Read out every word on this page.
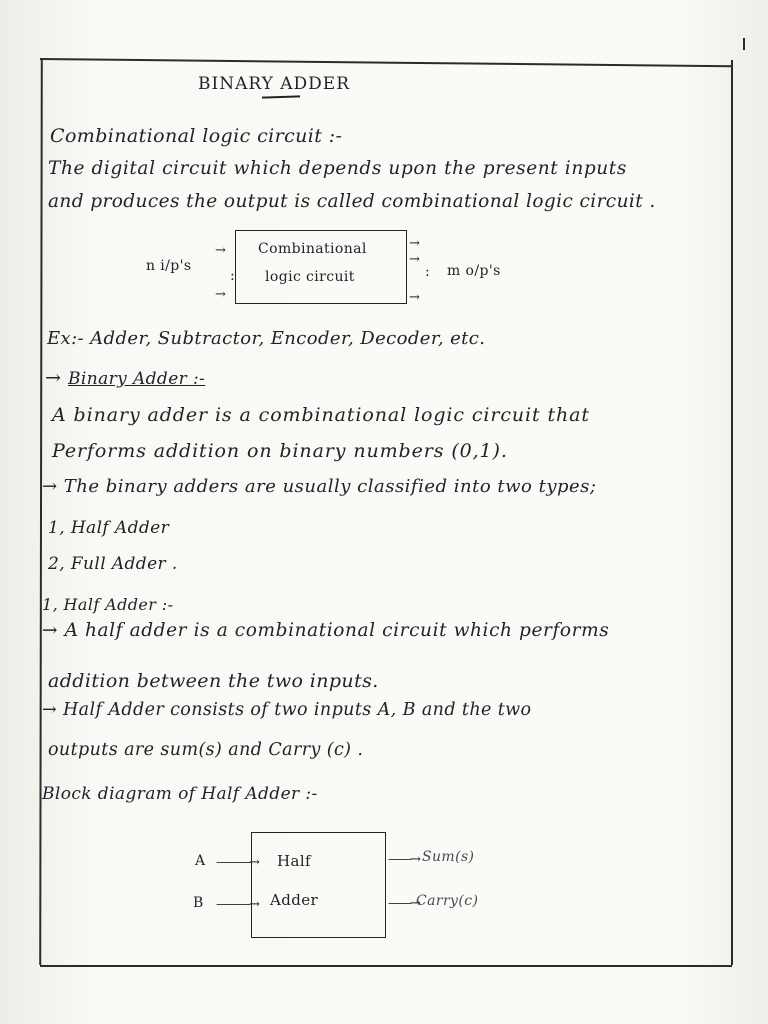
BINARY ADDER
Combinational logic circuit :-
The digital circuit which depends upon the present inputs
and produces the output is called combinational logic circuit .
Combinational
logic circuit
n i/p's	m o/p's
:	:
→
→
→
→
→
Ex:- Adder, Subtractor, Encoder, Decoder, etc.
→ Binary Adder :-
A binary adder is a combinational logic circuit that
Performs addition on binary numbers (0,1).
→ The binary adders are usually classified into two types;
1, Half Adder
2, Full Adder .
1, Half Adder :-
→ A half adder is a combinational circuit which performs
addition between the two inputs.
→ Half Adder consists of two inputs A, B and the two
outputs are sum(s) and Carry (c) .
Block diagram of Half Adder :-
Half
Adder
A
B
———→
———→
——→
——→
Sum(s)
Carry(c)
